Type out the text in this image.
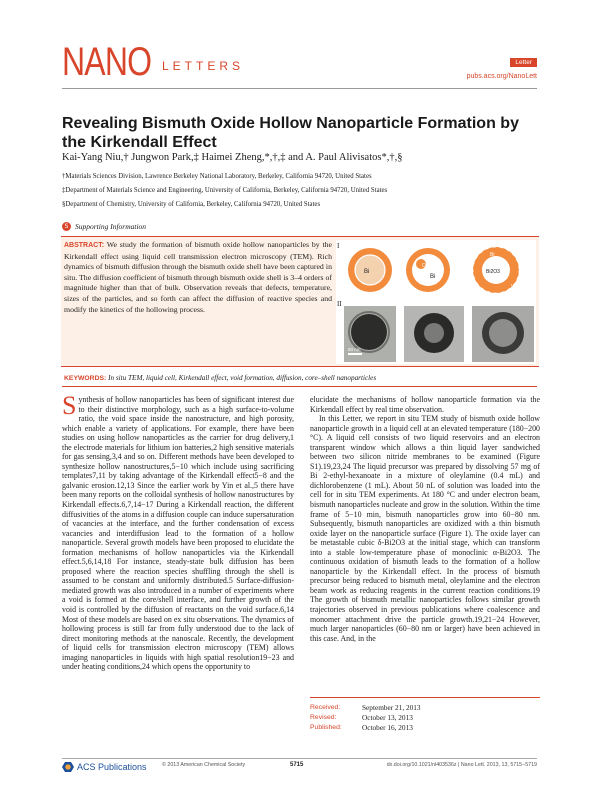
NANO LETTERS	Letter
pubs.acs.org/NanoLett
Revealing Bismuth Oxide Hollow Nanoparticle Formation by the Kirkendall Effect
Kai-Yang Niu,† Jungwon Park,‡ Haimei Zheng,*,†,‡ and A. Paul Alivisatos*,†,§
†Materials Sciences Division, Lawrence Berkeley National Laboratory, Berkeley, California 94720, United States
‡Department of Materials Science and Engineering, University of California, Berkeley, California 94720, United States
§Department of Chemistry, University of California, Berkeley, California 94720, United States
S Supporting Information
ABSTRACT: We study the formation of bismuth oxide hollow nanoparticles by the Kirkendall effect using liquid cell transmission electron microscopy (TEM). Rich dynamics of bismuth diffusion through the bismuth oxide shell have been captured in situ. The diffusion coefficient of bismuth through bismuth oxide shell is 3–4 orders of magnitude higher than that of bulk. Observation reveals that defects, temperature, sizes of the particles, and so forth can affect the diffusion of reactive species and modify the kinetics of the hollowing process.
I
Bi
Bi
O
Bi
Bi2O3
Vd
II
50 nm
KEYWORDS: In situ TEM, liquid cell, Kirkendall effect, void formation, diffusion, core–shell nanoparticles

Synthesis of hollow nanoparticles has been of significant interest due to their distinctive morphology, such as a high surface-to-volume ratio, the void space inside the nanostructure, and high porosity, which enable a variety of applications. For example, there have been studies on using hollow nanoparticles as the carrier for drug delivery,1 the electrode materials for lithium ion batteries,2 high sensitive materials for gas sensing,3,4 and so on. Different methods have been developed to synthesize hollow nanostructures,5−10 which include using sacrificing templates7,11 by taking advantage of the Kirkendall effect5−8 and the galvanic erosion.12,13 Since the earlier work by Yin et al.,5 there have been many reports on the colloidal synthesis of hollow nanostructures by Kirkendall effects.6,7,14−17 During a Kirkendall reaction, the different diffusivities of the atoms in a diffusion couple can induce supersaturation of vacancies at the interface, and the further condensation of excess vacancies and interdiffusion lead to the formation of a hollow nanoparticle. Several growth models have been proposed to elucidate the formation mechanisms of hollow nanoparticles via the Kirkendall effect.5,6,14,18 For instance, steady-state bulk diffusion has been proposed where the reaction species shuffling through the shell is assumed to be constant and uniformly distributed.5 Surface-diffusion-mediated growth was also introduced in a number of experiments where a void is formed at the core/shell interface, and further growth of the void is controlled by the diffusion of reactants on the void surface.6,14 Most of these models are based on ex situ observations. The dynamics of hollowing process is still far from fully understood due to the lack of direct monitoring methods at the nanoscale. Recently, the development of liquid cells for transmission electron microscopy (TEM) allows imaging nanoparticles in liquids with high spatial resolution19−23 and under heating conditions,24 which opens the opportunity to

elucidate the mechanisms of hollow nanoparticle formation via the Kirkendall effect by real time observation.

In this Letter, we report in situ TEM study of bismuth oxide hollow nanoparticle growth in a liquid cell at an elevated temperature (180−200 °C). A liquid cell consists of two liquid reservoirs and an electron transparent window which allows a thin liquid layer sandwiched between two silicon nitride membranes to be examined (Figure S1).19,23,24 The liquid precursor was prepared by dissolving 57 mg of Bi 2-ethyl-hexanoate in a mixture of oleylamine (0.4 mL) and dichlorobenzene (1 mL). About 50 nL of solution was loaded into the cell for in situ TEM experiments. At 180 °C and under electron beam, bismuth nanoparticles nucleate and grow in the solution. Within the time frame of 5−10 min, bismuth nanoparticles grow into 60−80 nm. Subsequently, bismuth nanoparticles are oxidized with a thin bismuth oxide layer on the nanoparticle surface (Figure 1). The oxide layer can be metastable cubic δ-Bi2O3 at the initial stage, which can transform into a stable low-temperature phase of monoclinic α-Bi2O3. The continuous oxidation of bismuth leads to the formation of a hollow nanoparticle by the Kirkendall effect. In the process of bismuth precursor being reduced to bismuth metal, oleylamine and the electron beam work as reducing reagents in the current reaction conditions.19 The growth of bismuth metallic nanoparticles follows similar growth trajectories observed in previous publications where coalescence and monomer attachment drive the particle growth.19,21−24 However, much larger nanoparticles (60−80 nm or larger) have been achieved in this case. And, in the

Received:	September 21, 2013
Revised:	October 13, 2013
Published:	October 16, 2013
ACS Publications	© 2013 American Chemical Society	5715	dx.doi.org/10.1021/nl403536z | Nano Lett. 2013, 13, 5715−5719
